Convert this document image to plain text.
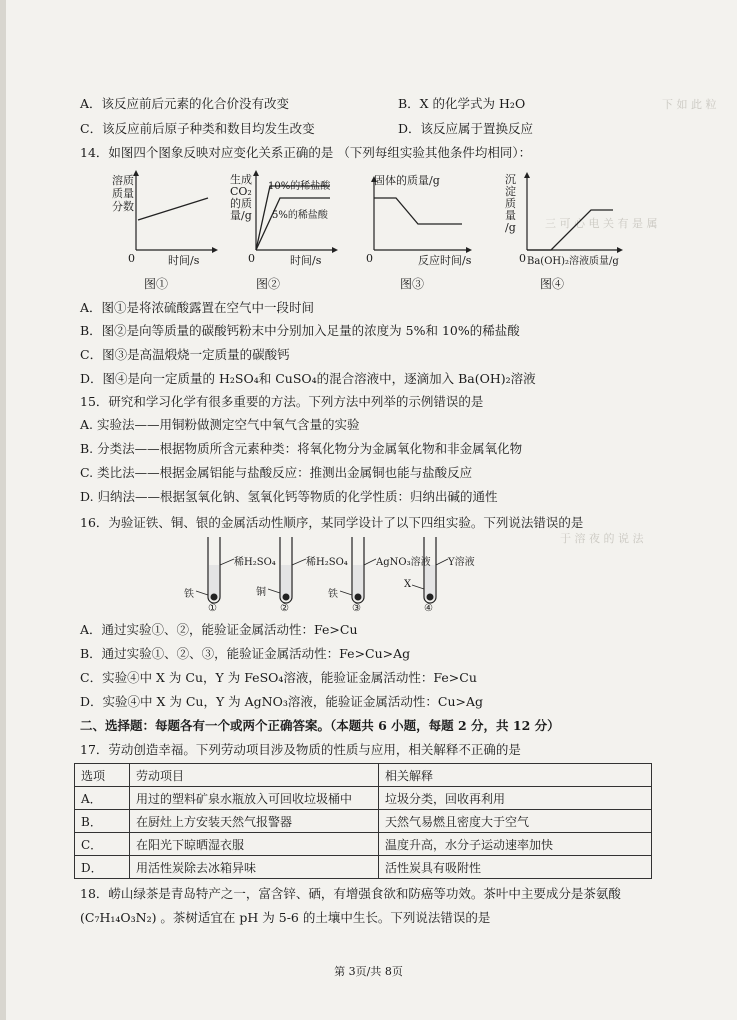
下 如 此 粒
三 可 心 电 关 有 是 属
于 溶 夜 的 说 法
A．该反应前后元素的化合价没有改变	B．X 的化学式为 H₂O
C．该反应前后原子种类和数目均发生改变	D．该反应属于置换反应
14．如图四个图象反映对应变化关系正确的是 （下列每组实验其他条件均相同）：
溶质
质量
分数
0	时间/s
图①
生成
CO₂
的质
量/g
10%的稀盐酸
5%的稀盐酸
0	时间/s
图②
固体的质量/g
0	反应时间/s
图③
沉
淀
质
量
/g
0 Ba(OH)₂溶液质量/g
图④
A．图①是将浓硫酸露置在空气中一段时间
B．图②是向等质量的碳酸钙粉末中分别加入足量的浓度为 5%和 10%的稀盐酸
C．图③是高温煅烧一定质量的碳酸钙
D．图④是向一定质量的 H₂SO₄和 CuSO₄的混合溶液中，逐滴加入 Ba(OH)₂溶液
15．研究和学习化学有很多重要的方法。下列方法中列举的示例错误的是
A. 实验法——用铜粉做测定空气中氧气含量的实验
B. 分类法——根据物质所含元素种类：将氧化物分为金属氧化物和非金属氧化物
C. 类比法——根据金属铝能与盐酸反应：推测出金属铜也能与盐酸反应
D. 归纳法——根据氢氧化钠、氢氧化钙等物质的化学性质：归纳出碱的通性
16．为验证铁、铜、银的金属活动性顺序，某同学设计了以下四组实验。下列说法错误的是
稀H₂SO₄
铁
①
稀H₂SO₄
铜
②
AgNO₃溶液
铁
③
Y溶液
X
④
A．通过实验①、②，能验证金属活动性：Fe>Cu
B．通过实验①、②、③，能验证金属活动性：Fe>Cu>Ag
C．实验④中 X 为 Cu，Y 为 FeSO₄溶液，能验证金属活动性：Fe>Cu
D．实验④中 X 为 Cu，Y 为 AgNO₃溶液，能验证金属活动性：Cu>Ag
二、选择题：每题各有一个或两个正确答案。（本题共 6 小题，每题 2 分，共 12 分）
17．劳动创造幸福。下列劳动项目涉及物质的性质与应用，相关解释不正确的是
选项	劳动项目	相关解释
A．	用过的塑料矿泉水瓶放入可回收垃圾桶中	垃圾分类，回收再利用
B．	在厨灶上方安装天然气报警器	天然气易燃且密度大于空气
C．	在阳光下晾晒湿衣服	温度升高，水分子运动速率加快
D．	用活性炭除去冰箱异味	活性炭具有吸附性
18．崂山绿茶是青岛特产之一，富含锌、硒，有增强食欲和防癌等功效。茶叶中主要成分是茶氨酸
(C₇H₁₄O₃N₂) 。茶树适宜在 pH 为 5-6 的土壤中生长。下列说法错误的是
第 3页/共 8页
